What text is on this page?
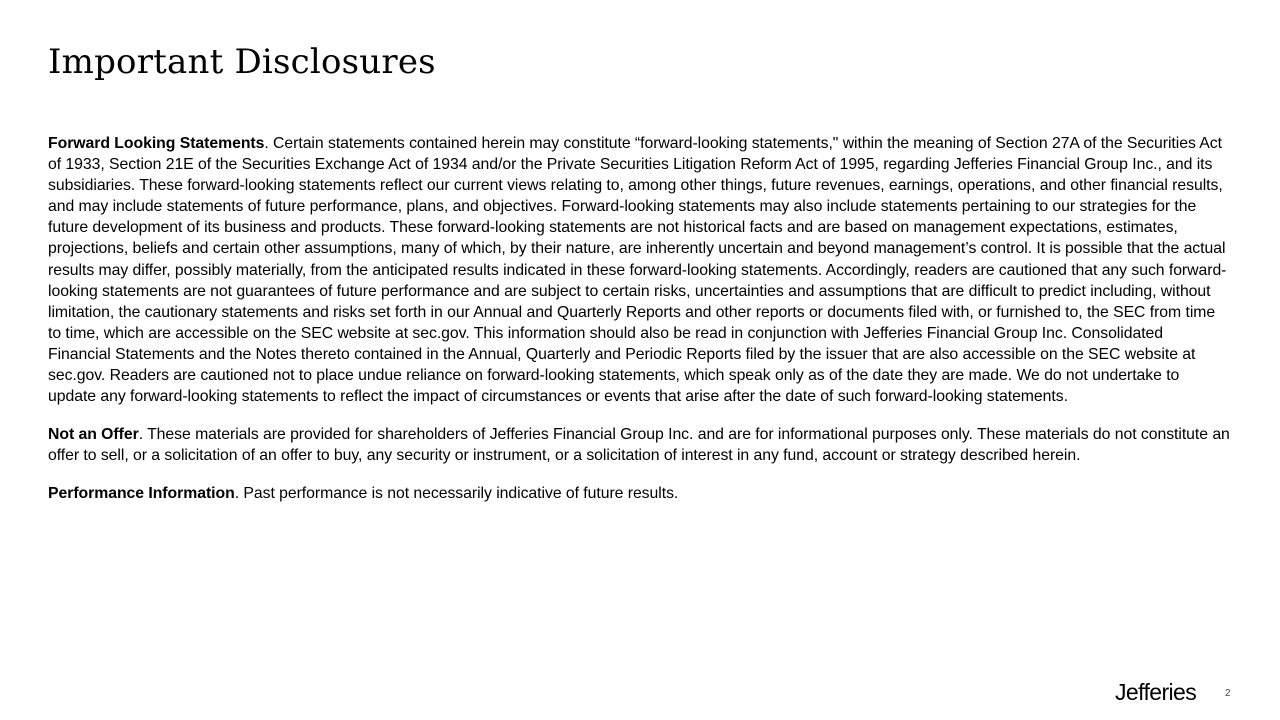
Important Disclosures

Forward Looking Statements. Certain statements contained herein may constitute “forward-looking statements," within the meaning of Section 27A of the Securities Act of 1933, Section 21E of the Securities Exchange Act of 1934 and/or the Private Securities Litigation Reform Act of 1995, regarding Jefferies Financial Group Inc., and its subsidiaries. These forward-looking statements reflect our current views relating to, among other things, future revenues, earnings, operations, and other financial results, and may include statements of future performance, plans, and objectives. Forward-looking statements may also include statements pertaining to our strategies for the future development of its business and products. These forward-looking statements are not historical facts and are based on management expectations, estimates, projections, beliefs and certain other assumptions, many of which, by their nature, are inherently uncertain and beyond management’s control. It is possible that the actual results may differ, possibly materially, from the anticipated results indicated in these forward-looking statements. Accordingly, readers are cautioned that any such forward-looking statements are not guarantees of future performance and are subject to certain risks, uncertainties and assumptions that are difficult to predict including, without limitation, the cautionary statements and risks set forth in our Annual and Quarterly Reports and other reports or documents filed with, or furnished to, the SEC from time to time, which are accessible on the SEC website at sec.gov. This information should also be read in conjunction with Jefferies Financial Group Inc. Consolidated Financial Statements and the Notes thereto contained in the Annual, Quarterly and Periodic Reports filed by the issuer that are also accessible on the SEC website at sec.gov. Readers are cautioned not to place undue reliance on forward-looking statements, which speak only as of the date they are made. We do not undertake to update any forward-looking statements to reflect the impact of circumstances or events that arise after the date of such forward-looking statements.

Not an Offer. These materials are provided for shareholders of Jefferies Financial Group Inc. and are for informational purposes only. These materials do not constitute an offer to sell, or a solicitation of an offer to buy, any security or instrument, or a solicitation of interest in any fund, account or strategy described herein.

Performance Information. Past performance is not necessarily indicative of future results.

Jefferies	2
